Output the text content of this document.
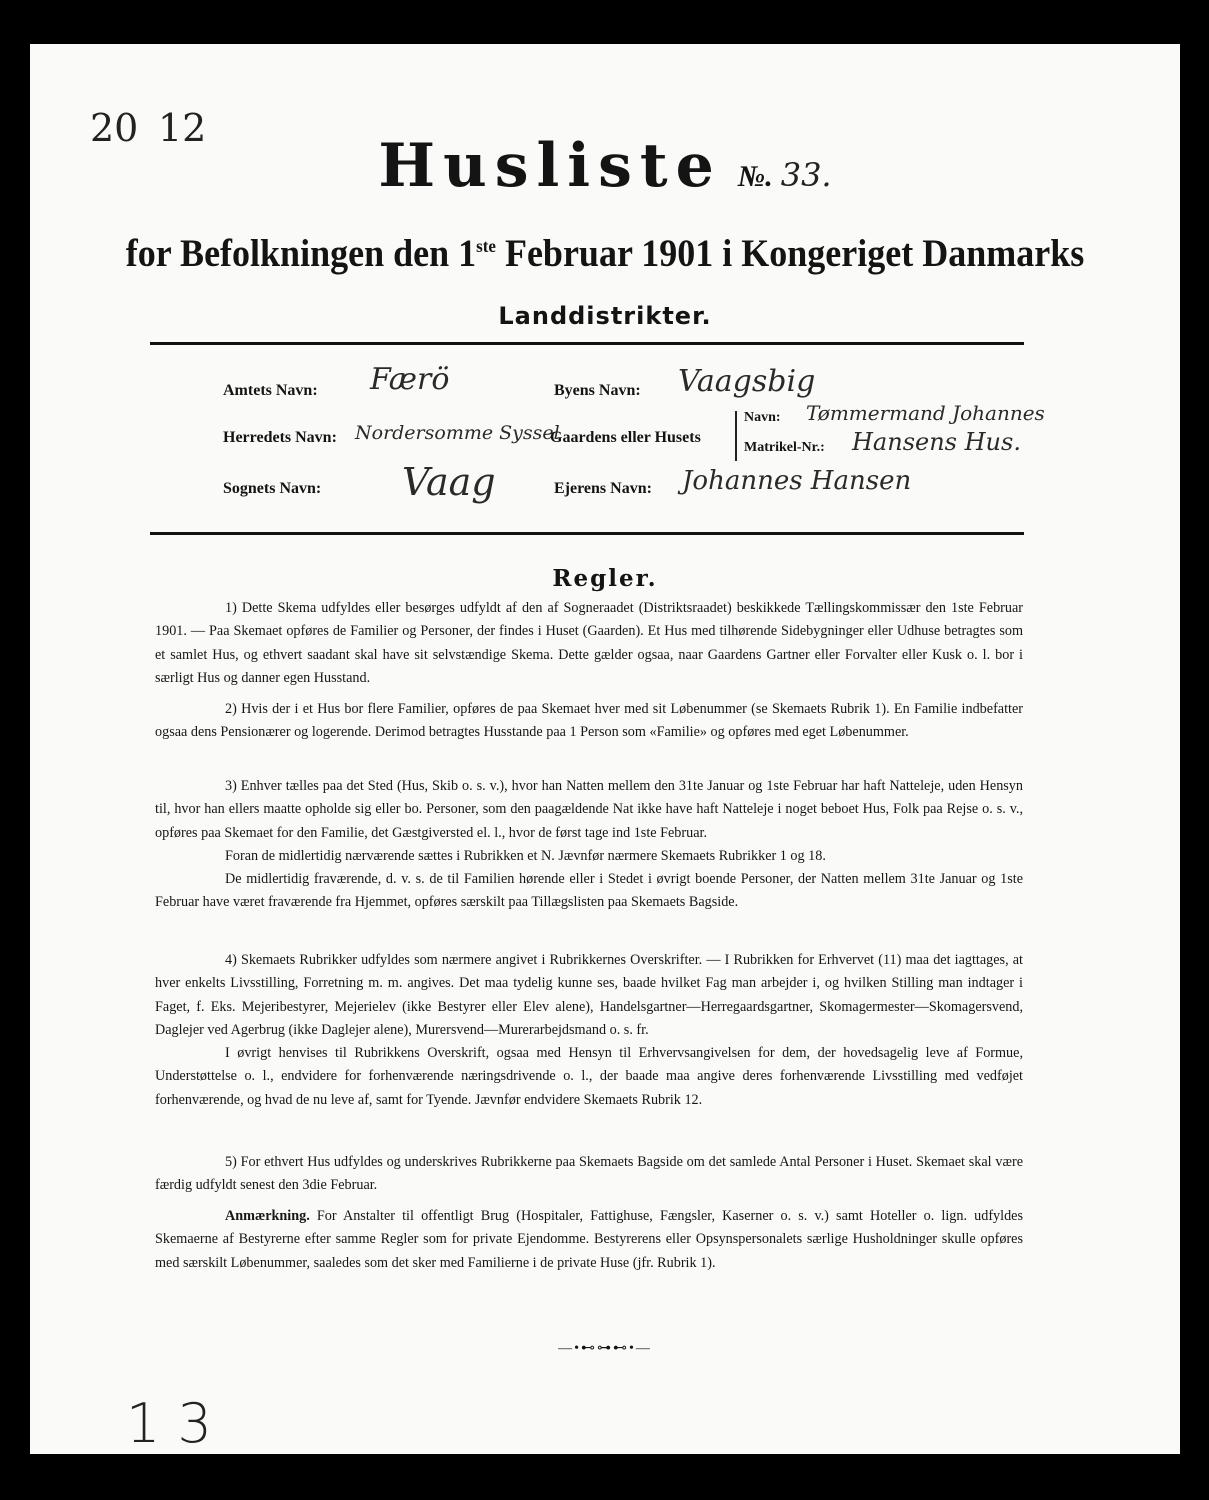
20 12
Husliste №. 33.
for Befolkningen den 1ste Februar 1901 i Kongeriget Danmarks
Landdistrikter.
Amtets Navn: Færö	Byens Navn: Vaagsbig
Herredets Navn: Nordersomme Syssel
Gaardens eller Husets
Navn: Tømmermand Johannes
Matrikel-Nr.: Hansens Hus.
Sognets Navn: Vaag	Ejerens Navn: Johannes Hansen
Regler.

1) Dette Skema udfyldes eller besørges udfyldt af den af Sogneraadet (Distriktsraadet) beskikkede Tællingskommissær den 1ste Februar 1901. — Paa Skemaet opføres de Familier og Personer, der findes i Huset (Gaarden). Et Hus med tilhørende Sidebygninger eller Udhuse betragtes som et samlet Hus, og ethvert saadant skal have sit selvstændige Skema. Dette gælder ogsaa, naar Gaardens Gartner eller Forvalter eller Kusk o. l. bor i særligt Hus og danner egen Husstand.

2) Hvis der i et Hus bor flere Familier, opføres de paa Skemaet hver med sit Løbenummer (se Skemaets Rubrik 1). En Familie indbefatter ogsaa dens Pensionærer og logerende. Derimod betragtes Husstande paa 1 Person som «Familie» og opføres med eget Løbenummer.

3) Enhver tælles paa det Sted (Hus, Skib o. s. v.), hvor han Natten mellem den 31te Januar og 1ste Februar har haft Natteleje, uden Hensyn til, hvor han ellers maatte opholde sig eller bo. Personer, som den paagældende Nat ikke have haft Natteleje i noget beboet Hus, Folk paa Rejse o. s. v., opføres paa Skemaet for den Familie, det Gæstgiversted el. l., hvor de først tage ind 1ste Februar.

Foran de midlertidig nærværende sættes i Rubrikken et N. Jævnfør nærmere Skemaets Rubrikker 1 og 18.

De midlertidig fraværende, d. v. s. de til Familien hørende eller i Stedet i øvrigt boende Personer, der Natten mellem 31te Januar og 1ste Februar have været fraværende fra Hjemmet, opføres særskilt paa Tillægslisten paa Skemaets Bagside.

4) Skemaets Rubrikker udfyldes som nærmere angivet i Rubrikkernes Overskrifter. — I Rubrikken for Erhvervet (11) maa det iagttages, at hver enkelts Livsstilling, Forretning m. m. angives. Det maa tydelig kunne ses, baade hvilket Fag man arbejder i, og hvilken Stilling man indtager i Faget, f. Eks. Mejeribestyrer, Mejerielev (ikke Bestyrer eller Elev alene), Handelsgartner—Herregaardsgartner, Skomagermester—Skomagersvend, Daglejer ved Agerbrug (ikke Daglejer alene), Murersvend—Murerarbejdsmand o. s. fr.

I øvrigt henvises til Rubrikkens Overskrift, ogsaa med Hensyn til Erhvervsangivelsen for dem, der hovedsagelig leve af Formue, Understøttelse o. l., endvidere for forhenværende næringsdrivende o. l., der baade maa angive deres forhenværende Livsstilling med vedføjet forhenværende, og hvad de nu leve af, samt for Tyende. Jævnfør endvidere Skemaets Rubrik 12.

5) For ethvert Hus udfyldes og underskrives Rubrikkerne paa Skemaets Bagside om det samlede Antal Personer i Huset. Skemaet skal være færdig udfyldt senest den 3die Februar.

Anmærkning. For Anstalter til offentligt Brug (Hospitaler, Fattighuse, Fængsler, Kaserner o. s. v.) samt Hoteller o. lign. udfyldes Skemaerne af Bestyrerne efter samme Regler som for private Ejendomme. Bestyrerens eller Opsynspersonalets særlige Husholdninger skulle opføres med særskilt Løbenummer, saaledes som det sker med Familierne i de private Huse (jfr. Rubrik 1).

—•⊷⊶⊷•—
1 3
